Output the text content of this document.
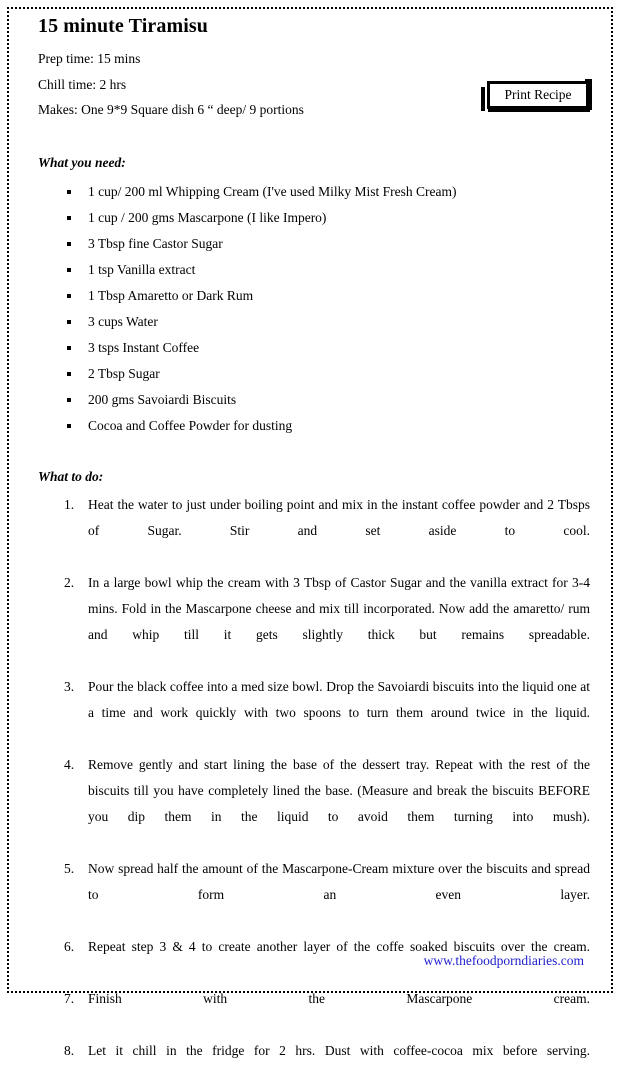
15 minute Tiramisu
Prep time: 15 mins
Chill time: 2 hrs
Makes: One 9*9 Square dish 6 “ deep/ 9 portions
Print Recipe
What you need:
1 cup/ 200 ml Whipping Cream (I've used Milky Mist Fresh Cream)
1 cup / 200 gms Mascarpone (I like Impero)
3 Tbsp fine Castor Sugar
1 tsp Vanilla extract
1 Tbsp Amaretto or Dark Rum
3 cups Water
3 tsps Instant Coffee
2 Tbsp Sugar
200 gms Savoiardi Biscuits
Cocoa and Coffee Powder for dusting
What to do:
1.	Heat the water to just under boiling point and mix in the instant coffee powder and 2 Tbsps of Sugar. Stir and set aside to cool.
2.	In a large bowl whip the cream with 3 Tbsp of Castor Sugar and the vanilla extract for 3-4 mins. Fold in the Mascarpone cheese and mix till incorporated. Now add the amaretto/ rum and whip till it gets slightly thick but remains spreadable.
3.	Pour the black coffee into a med size bowl. Drop the Savoiardi biscuits into the liquid one at a time and work quickly with two spoons to turn them around twice in the liquid.
4.	Remove gently and start lining the base of the dessert tray. Repeat with the rest of the biscuits till you have completely lined the base. (Measure and break the biscuits BEFORE you dip them in the liquid to avoid them turning into mush).
5.	Now spread half the amount of the Mascarpone-Cream mixture over the biscuits and spread to form an even layer.
6.	Repeat step 3 & 4 to create another layer of the coffe soaked biscuits over the cream.
7.	Finish with the Mascarpone cream.
8.	Let it chill in the fridge for 2 hrs. Dust with coffee-cocoa mix before serving.
www.thefoodporndiaries.com
